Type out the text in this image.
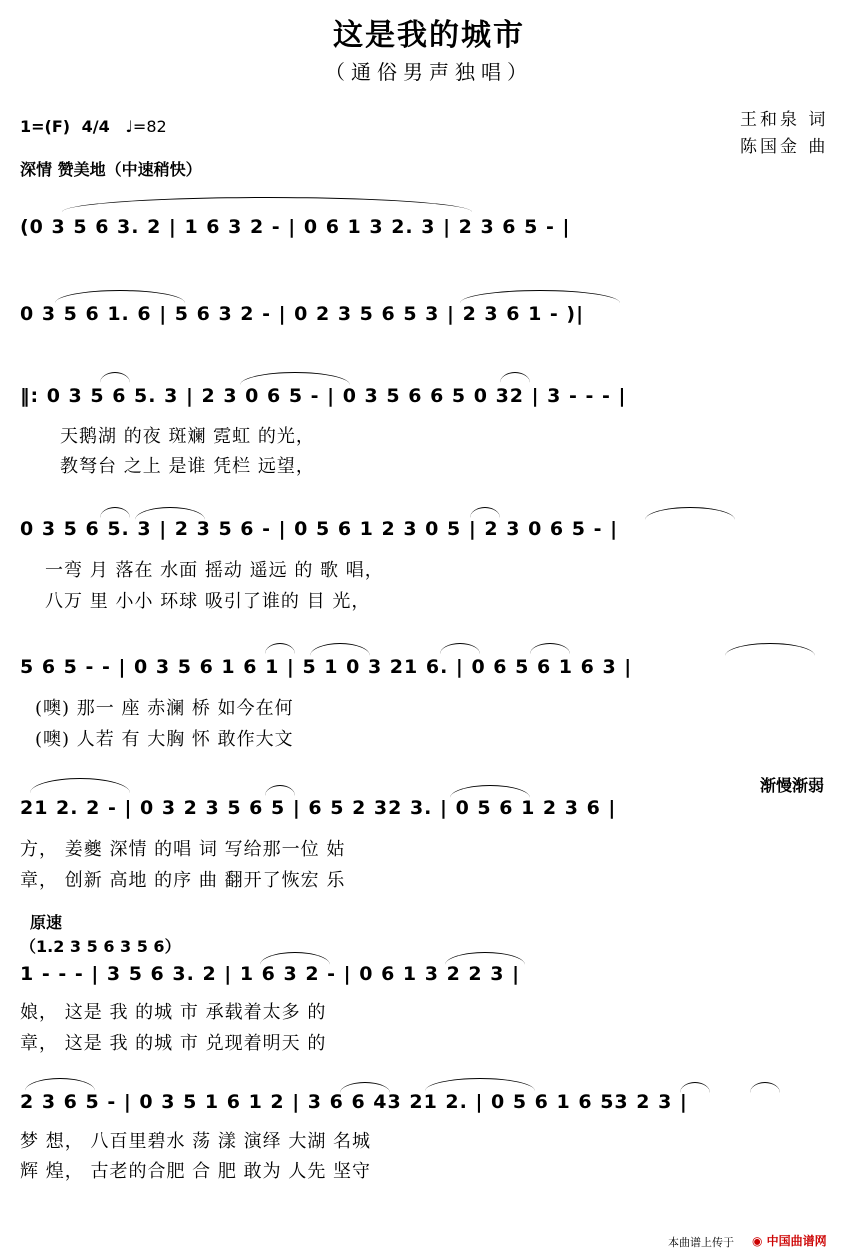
这是我的城市
（通俗男声独唱）
1=(F) 4/4 ♩=82
深情 赞美地（中速稍快）
王和泉 词
陈国金 曲
(0 3 5 6 3. 2 | 1 6 3 2 - | 0 6 1 3 2. 3 | 2 3 6 5 - |
0 3 5 6 1. 6 | 5 6 3 2 - | 0 2 3 5 6 5 3 | 2 3 6 1 - )|
‖: 0 3 5 6 5. 3 | 2 3 0 6 5 - | 0 3 5 6 6 5 0 32 | 3 - - - |
天鹅湖 的夜 斑斓 霓虹 的光，
教弩台 之上 是谁 凭栏 远望，
0 3 5 6 5. 3 | 2 3 5 6 - | 0 5 6 1 2 3 0 5 | 2 3 0 6 5 - |
一弯 月 落在 水面 摇动 遥远 的 歌 唱，
八万 里 小小 环球 吸引了谁的 目 光，
5 6 5 - - | 0 3 5 6 1 6 1 | 5 1 0 3 21 6. | 0 6 5 6 1 6 3 |
(噢) 那一 座 赤澜 桥 如今在何
(噢) 人若 有 大胸 怀 敢作大文
渐慢渐弱
21 2. 2 - | 0 3 2 3 5 6 5 | 6 5 2 32 3. | 0 5 6 1 2 3 6 |
方， 姜夔 深情 的唱 词 写给那一位 姑
章， 创新 高地 的序 曲 翻开了恢宏 乐
原速
（1.2 3 5 6 3 5 6）
1 - - - | 3 5 6 3. 2 | 1 6 3 2 - | 0 6 1 3 2 2 3 |
娘， 这是 我 的城 市 承载着太多 的
章， 这是 我 的城 市 兑现着明天 的
2 3 6 5 - | 0 3 5 1 6 1 2 | 3 6 6 43 21 2. | 0 5 6 1 6 53 2 3 |
梦 想， 八百里碧水 荡 漾 演绎 大湖 名城
辉 煌， 古老的合肥 合 肥 敢为 人先 坚守
本曲谱上传于 ◉ 中国曲谱网
